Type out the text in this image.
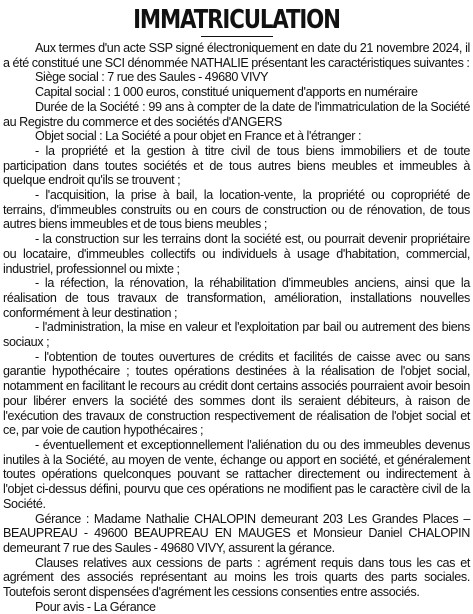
IMMATRICULATION

Aux termes d'un acte SSP signé électroniquement en date du 21 novembre 2024, il a été constitué une SCI dénommée NATHALIE présentant les caractéristiques suivantes :

Siège social : 7 rue des Saules - 49680 VIVY

Capital social : 1 000 euros, constitué uniquement d'apports en numéraire

Durée de la Société : 99 ans à compter de la date de l'immatriculation de la Société au Registre du commerce et des sociétés d'ANGERS

Objet social : La Société a pour objet en France et à l'étranger :

- la propriété et la gestion à titre civil de tous biens immobiliers et de toute participation dans toutes sociétés et de tous autres biens meubles et immeubles à quelque endroit qu'ils se trouvent ;

- l'acquisition, la prise à bail, la location-vente, la propriété ou copropriété de terrains, d'immeubles construits ou en cours de construction ou de rénovation, de tous autres biens immeubles et de tous biens meubles ;

- la construction sur les terrains dont la société est, ou pourrait devenir propriétaire ou locataire, d'immeubles collectifs ou individuels à usage d'habitation, commercial, industriel, professionnel ou mixte ;

- la réfection, la rénovation, la réhabilitation d'immeubles anciens, ainsi que la réalisation de tous travaux de transformation, amélioration, installations nouvelles conformément à leur destination ;

- l'administration, la mise en valeur et l'exploitation par bail ou autrement des biens sociaux ;

- l'obtention de toutes ouvertures de crédits et facilités de caisse avec ou sans garantie hypothécaire ; toutes opérations destinées à la réalisation de l'objet social, notamment en facilitant le recours au crédit dont certains associés pourraient avoir besoin pour libérer envers la société des sommes dont ils seraient débiteurs, à raison de l'exécution des travaux de construction respectivement de réalisation de l'objet social et ce, par voie de caution hypothécaires ;

- éventuellement et exceptionnellement l'aliénation du ou des immeubles devenus inutiles à la Société, au moyen de vente, échange ou apport en société, et généralement toutes opérations quelconques pouvant se rattacher directement ou indirectement à l'objet ci-dessus défini, pourvu que ces opérations ne modifient pas le caractère civil de la Société.

Gérance : Madame Nathalie CHALOPIN demeurant 203 Les Grandes Places – BEAUPREAU - 49600 BEAUPREAU EN MAUGES et Monsieur Daniel CHALOPIN demeurant 7 rue des Saules - 49680 VIVY, assurent la gérance.

Clauses relatives aux cessions de parts : agrément requis dans tous les cas et agrément des associés représentant au moins les trois quarts des parts sociales. Toutefois seront dispensées d'agrément les cessions consenties entre associés.

Pour avis - La Gérance
